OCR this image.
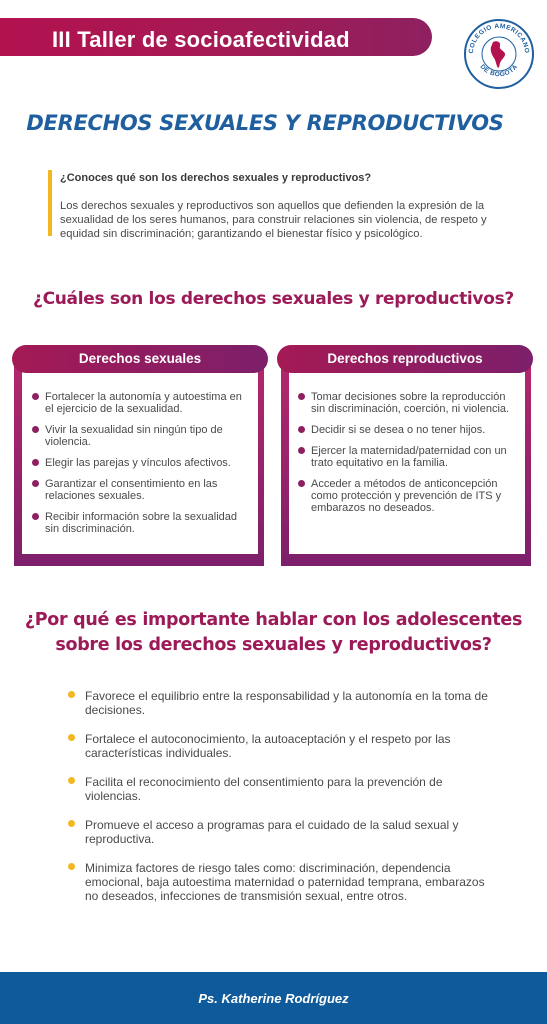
III Taller de socioafectividad	COLEGIO AMERICANO
DE BOGOTÁ
DERECHOS SEXUALES Y REPRODUCTIVOS
¿Conoces qué son los derechos sexuales y reproductivos?
Los derechos sexuales y reproductivos son aquellos que defienden la expresión de la sexualidad de los seres humanos, para construir relaciones sin violencia, de respeto y equidad sin discriminación; garantizando el bienestar físico y psicológico.
¿Cuáles son los derechos sexuales y reproductivos?
Derechos sexuales
Fortalecer la autonomía y autoestima en el ejercicio de la sexualidad.
Vivir la sexualidad sin ningún tipo de violencia.
Elegir las parejas y vínculos afectivos.
Garantizar el consentimiento en las relaciones sexuales.
Recibir información sobre la sexualidad sin discriminación.
Derechos reproductivos
Tomar decisiones sobre la reproducción sin discriminación, coerción, ni violencia.
Decidir si se desea o no tener hijos.
Ejercer la maternidad/paternidad con un trato equitativo en la familia.
Acceder a métodos de anticoncepción como protección y prevención de ITS y embarazos no deseados.
¿Por qué es importante hablar con los adolescentes sobre los derechos sexuales y reproductivos?
Favorece el equilibrio entre la responsabilidad y la autonomía en la toma de decisiones.
Fortalece el autoconocimiento, la autoaceptación y el respeto por las características individuales.
Facilita el reconocimiento del consentimiento para la prevención de violencias.
Promueve el acceso a programas para el cuidado de la salud sexual y reproductiva.
Minimiza factores de riesgo tales como: discriminación, dependencia emocional, baja autoestima maternidad o paternidad temprana, embarazos no deseados, infecciones de transmisión sexual, entre otros.
Ps. Katherine Rodríguez
